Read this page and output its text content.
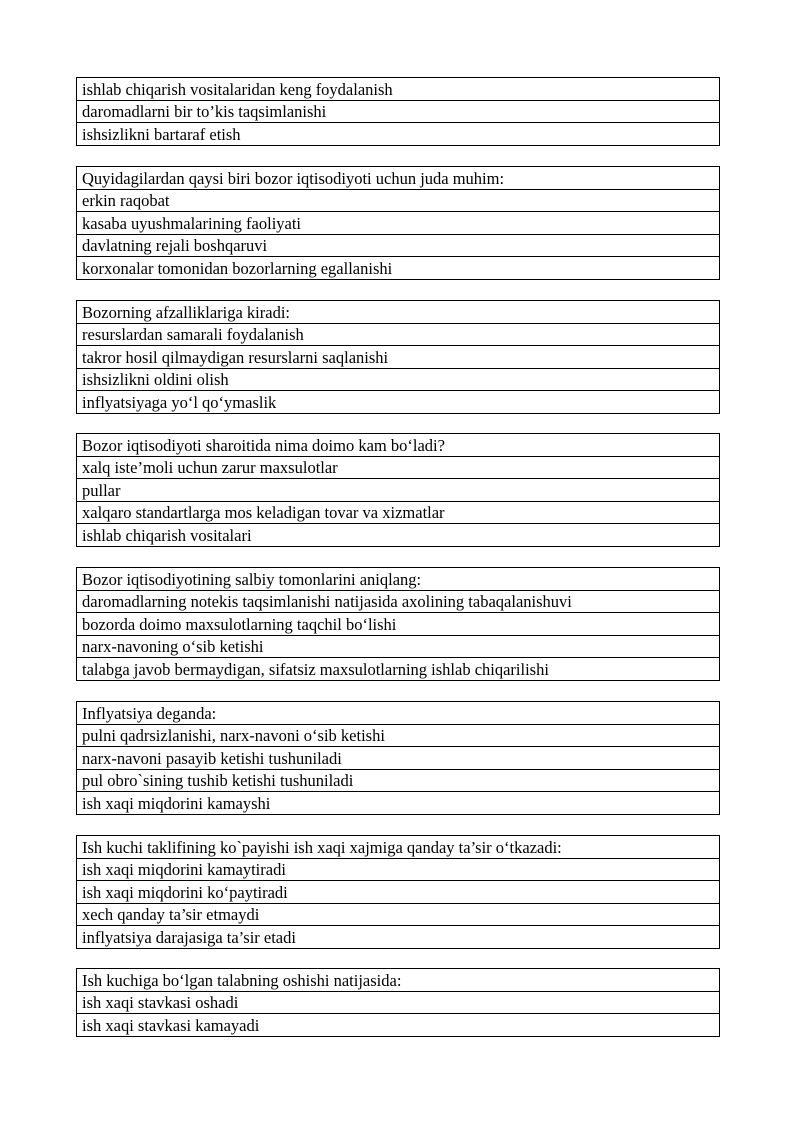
ishlab chiqarish vositalaridan keng foydalanish
daromadlarni bir to’kis taqsimlanishi
ishsizlikni bartaraf etish
Quyidagilardan qaysi biri bozor iqtisodiyoti uchun juda muhim:
erkin raqobat
kasaba uyushmalarining faoliyati
davlatning rejali boshqaruvi
korxonalar tomonidan bozorlarning egallanishi
Bozorning afzalliklariga kiradi:
resurslardan samarali foydalanish
takror hosil qilmaydigan resurslarni saqlanishi
ishsizlikni oldini olish
inflyatsiyaga yo‘l qo‘ymaslik
Bozor iqtisodiyoti sharoitida nima doimo kam bo‘ladi?
xalq iste’moli uchun zarur maxsulotlar
pullar
xalqaro standartlarga mos keladigan tovar va xizmatlar
ishlab chiqarish vositalari
Bozor iqtisodiyotining salbiy tomonlarini aniqlang:
daromadlarning notekis taqsimlanishi natijasida axolining tabaqalanishuvi
bozorda doimo maxsulotlarning taqchil bo‘lishi
narx-navoning o‘sib ketishi
talabga javob bermaydigan, sifatsiz maxsulotlarning ishlab chiqarilishi
Inflyatsiya deganda:
pulni qadrsizlanishi, narx-navoni o‘sib ketishi
narx-navoni pasayib ketishi tushuniladi
pul obro`sining tushib ketishi tushuniladi
ish xaqi miqdorini kamayshi
Ish kuchi taklifining ko`payishi ish xaqi xajmiga qanday ta’sir o‘tkazadi:
ish xaqi miqdorini kamaytiradi
ish xaqi miqdorini ko‘paytiradi
xech qanday ta’sir etmaydi
inflyatsiya darajasiga ta’sir etadi
Ish kuchiga bo‘lgan talabning oshishi natijasida:
ish xaqi stavkasi oshadi
ish xaqi stavkasi kamayadi
